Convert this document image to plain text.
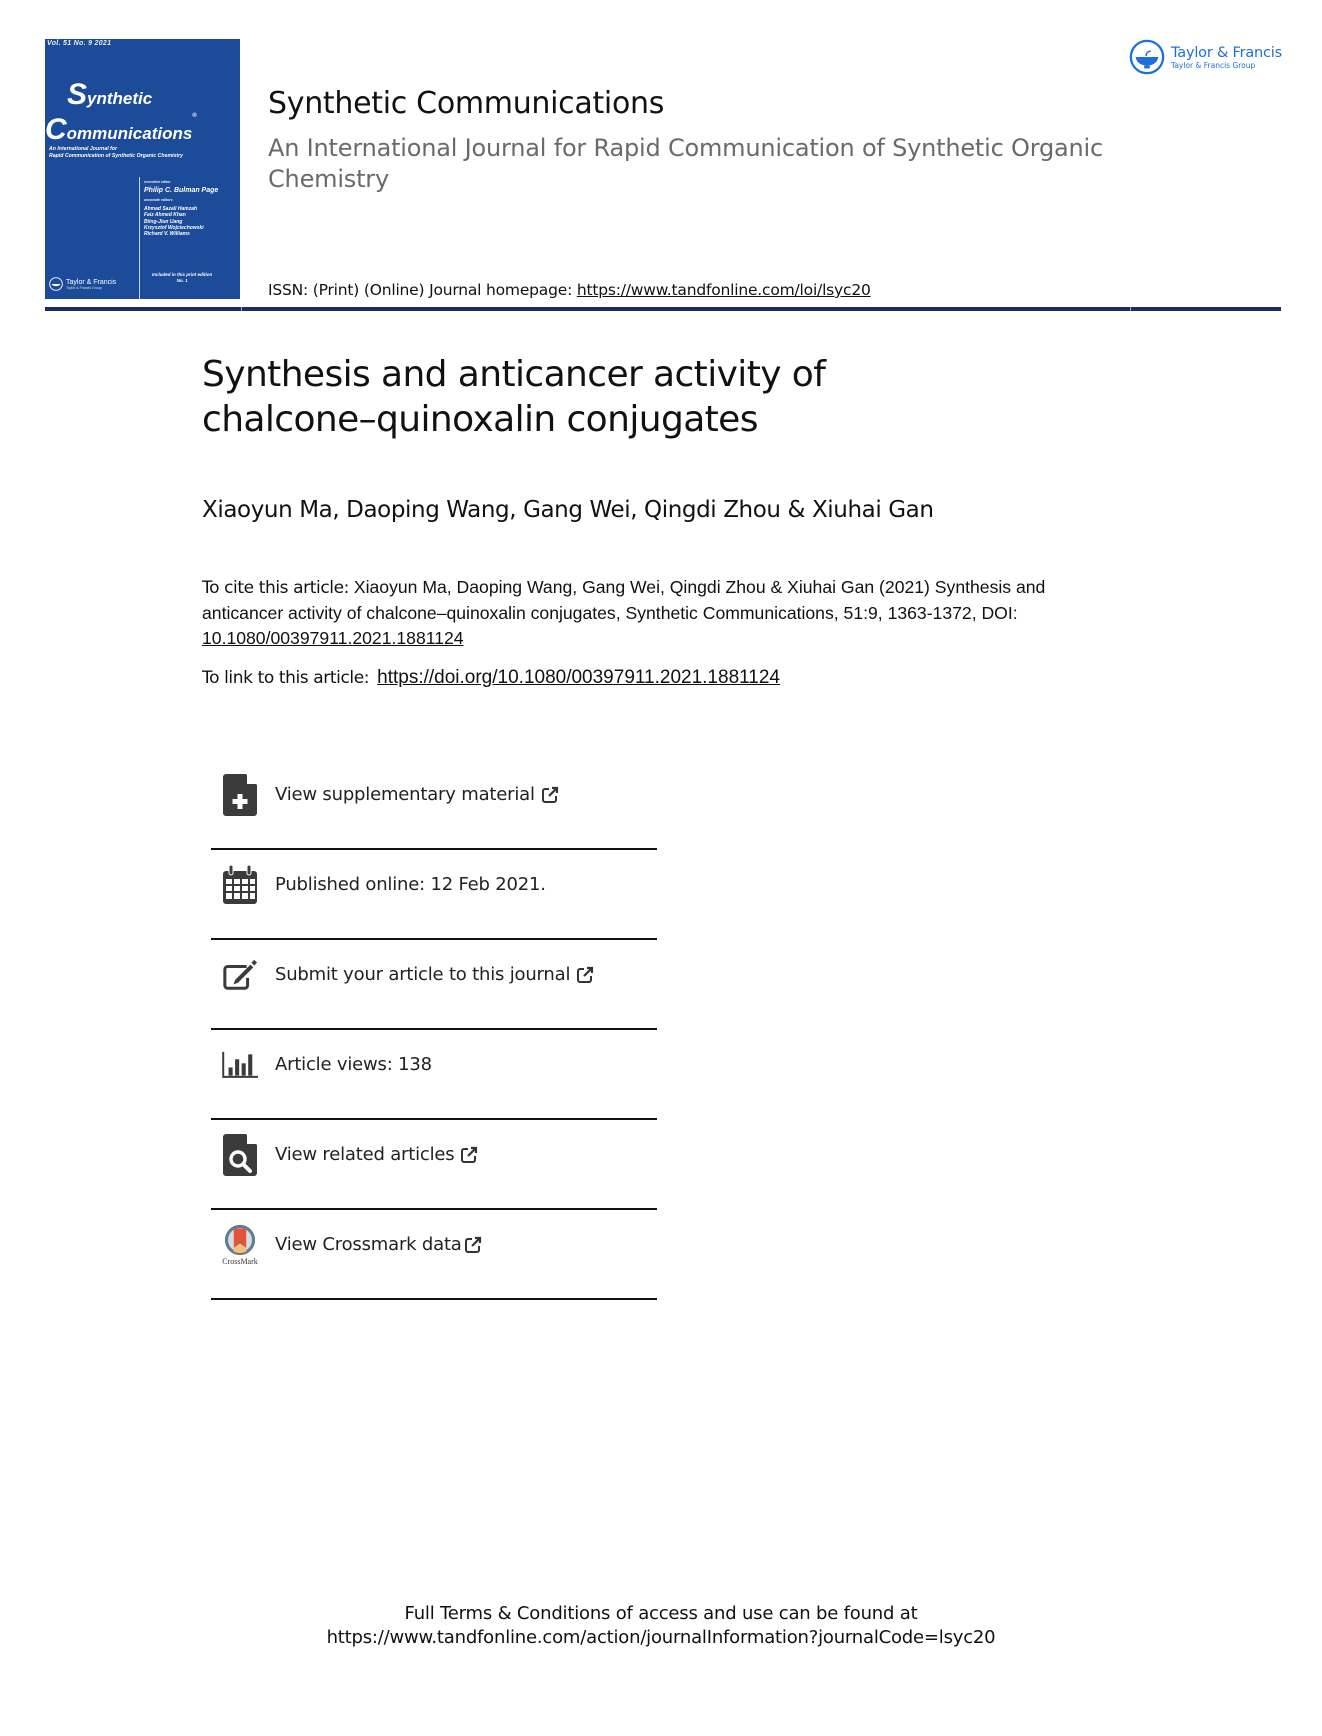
Vol. 51 No. 9 2021
Synthetic
Communications®
An International Journal for
Rapid Communication of Synthetic Organic Chemistry
executive editor
Philip C. Bulman Page
associate editors
Ahmad Sazali Hamzah
Faiz Ahmed Khan
Biing-Jiun Uang
Krzysztof Wojciechowski
Richard V. Williams
Included in this print edition
No. 1
Taylor & Francis
Taylor & Francis Group
Synthetic Communications
An International Journal for Rapid Communication of Synthetic Organic Chemistry
ISSN: (Print) (Online) Journal homepage: https://www.tandfonline.com/loi/lsyc20
Taylor & Francis
Taylor & Francis Group
Synthesis and anticancer activity of chalcone–quinoxalin conjugates
Xiaoyun Ma, Daoping Wang, Gang Wei, Qingdi Zhou & Xiuhai Gan
To cite this article: Xiaoyun Ma, Daoping Wang, Gang Wei, Qingdi Zhou & Xiuhai Gan (2021) Synthesis and anticancer activity of chalcone–quinoxalin conjugates, Synthetic Communications, 51:9, 1363-1372, DOI: 10.1080/00397911.2021.1881124
To link to this article: https://doi.org/10.1080/00397911.2021.1881124
View supplementary material
Published online: 12 Feb 2021.
Submit your article to this journal
Article views: 138
View related articles
CrossMark
View Crossmark data
Full Terms & Conditions of access and use can be found at
https://www.tandfonline.com/action/journalInformation?journalCode=lsyc20
